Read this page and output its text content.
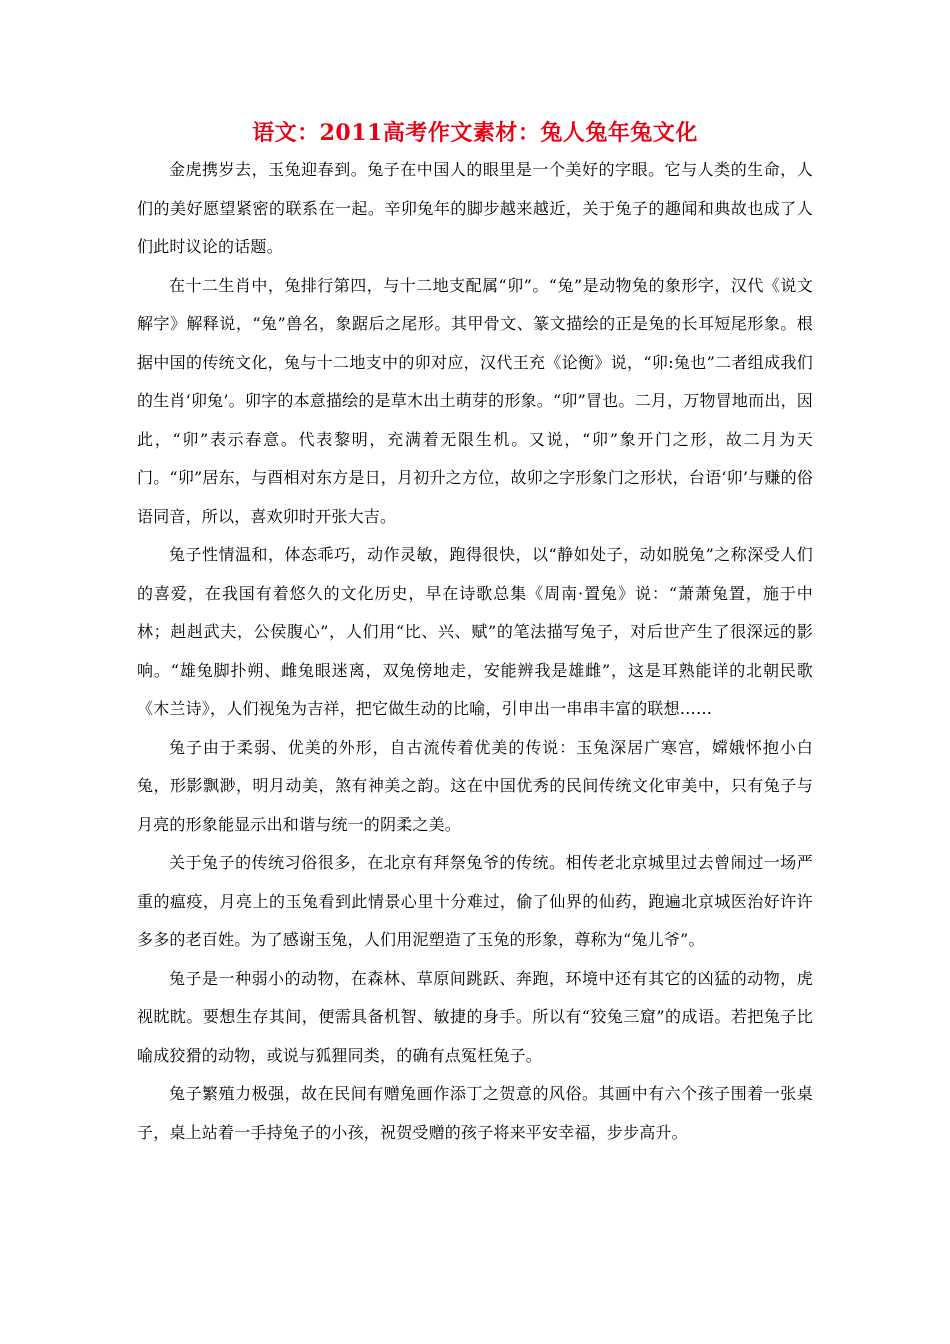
语文：2011高考作文素材：兔人兔年兔文化

金虎携岁去，玉兔迎春到。兔子在中国人的眼里是一个美好的字眼。它与人类的生命，人们的美好愿望紧密的联系在一起。辛卯兔年的脚步越来越近，关于兔子的趣闻和典故也成了人们此时议论的话题。

在十二生肖中，兔排行第四，与十二地支配属“卯”。“兔”是动物兔的象形字，汉代《说文解字》解释说，“兔”兽名，象踞后之尾形。其甲骨文、篆文描绘的正是兔的长耳短尾形象。根据中国的传统文化，兔与十二地支中的卯对应，汉代王充《论衡》说，“卯:兔也”二者组成我们的生肖‘卯兔’。卯字的本意描绘的是草木出土萌芽的形象。“卯”冒也。二月，万物冒地而出，因此，“卯”表示春意。代表黎明，充满着无限生机。又说，“卯”象开门之形，故二月为天门。“卯”居东，与酉相对东方是日，月初升之方位，故卯之字形象门之形状，台语‘卯’与赚的俗语同音，所以，喜欢卯时开张大吉。

兔子性情温和，体态乖巧，动作灵敏，跑得很快，以“静如处子，动如脱兔”之称深受人们的喜爱，在我国有着悠久的文化历史，早在诗歌总集《周南·置兔》说：“萧萧兔置，施于中林；赳赳武夫，公侯腹心”，人们用“比、兴、赋”的笔法描写兔子，对后世产生了很深远的影响。“雄兔脚扑朔、雌兔眼迷离，双兔傍地走，安能辨我是雄雌”，这是耳熟能详的北朝民歌《木兰诗》，人们视兔为吉祥，把它做生动的比喻，引申出一串串丰富的联想……

兔子由于柔弱、优美的外形，自古流传着优美的传说：玉兔深居广寒宫，嫦娥怀抱小白兔，形影飘渺，明月动美，煞有神美之韵。这在中国优秀的民间传统文化审美中，只有兔子与月亮的形象能显示出和谐与统一的阴柔之美。

关于兔子的传统习俗很多，在北京有拜祭兔爷的传统。相传老北京城里过去曾闹过一场严重的瘟疫，月亮上的玉兔看到此情景心里十分难过，偷了仙界的仙药，跑遍北京城医治好许许多多的老百姓。为了感谢玉兔，人们用泥塑造了玉兔的形象，尊称为“兔儿爷”。

兔子是一种弱小的动物，在森林、草原间跳跃、奔跑，环境中还有其它的凶猛的动物，虎视眈眈。要想生存其间，便需具备机智、敏捷的身手。所以有“狡兔三窟”的成语。若把兔子比喻成狡猾的动物，或说与狐狸同类，的确有点冤枉兔子。

兔子繁殖力极强，故在民间有赠兔画作添丁之贺意的风俗。其画中有六个孩子围着一张桌子，桌上站着一手持兔子的小孩，祝贺受赠的孩子将来平安幸福，步步高升。
